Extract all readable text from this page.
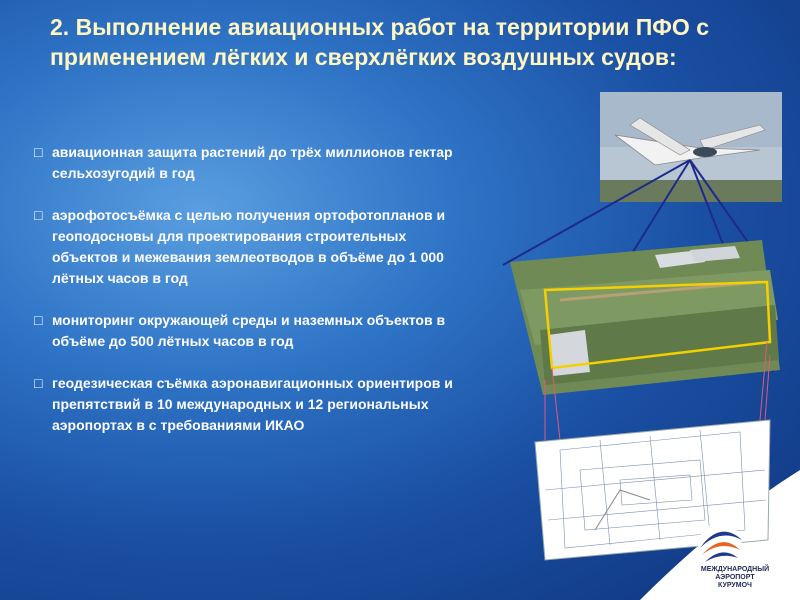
2. Выполнение авиационных работ на территории ПФО с применением лёгких и сверхлёгких воздушных судов:
□ авиационная защита растений до трёх миллионов гектар сельхозугодий в год

□ аэрофотосъёмка с целью получения ортофотопланов и геоподосновы для проектирования строительных объектов и межевания землеотводов в объёме до 1 000 лётных часов в год

□ мониторинг окружающей среды и наземных объектов в объёме до 500 лётных часов в год

□ геодезическая съёмка аэронавигационных ориентиров и препятствий в 10 международных и 12 региональных аэропортах в с требованиями ИКАО

МЕЖДУНАРОДНЫЙ
АЭРОПОРТ
КУРУМОЧ
